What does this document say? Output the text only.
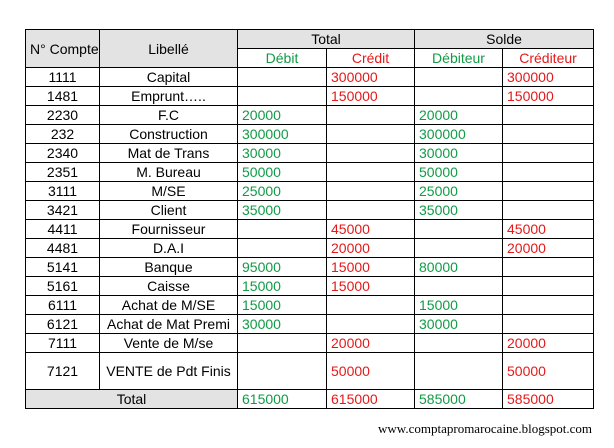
N° Compte	Libellé	Total		Solde	
		Débit	Crédit	Débiteur	Créditeur
1111	Capital		300000		300000
1481	Emprunt…..		150000		150000
2230	F.C	20000		20000	
232	Construction	300000		300000	
2340	Mat de Trans	30000		30000	
2351	M. Bureau	50000		50000	
3111	M/SE	25000		25000	
3421	Client	35000		35000	
4411	Fournisseur		45000		45000
4481	D.A.I		20000		20000
5141	Banque	95000	15000	80000	
5161	Caisse	15000	15000		
6111	Achat de M/SE	15000		15000	
6121	Achat de Mat Premi	30000		30000	
7111	Vente de M/se		20000		20000
7121	VENTE de Pdt Finis		50000		50000
Total		615000	615000	585000	585000
www.comptapromarocaine.blogspot.com
